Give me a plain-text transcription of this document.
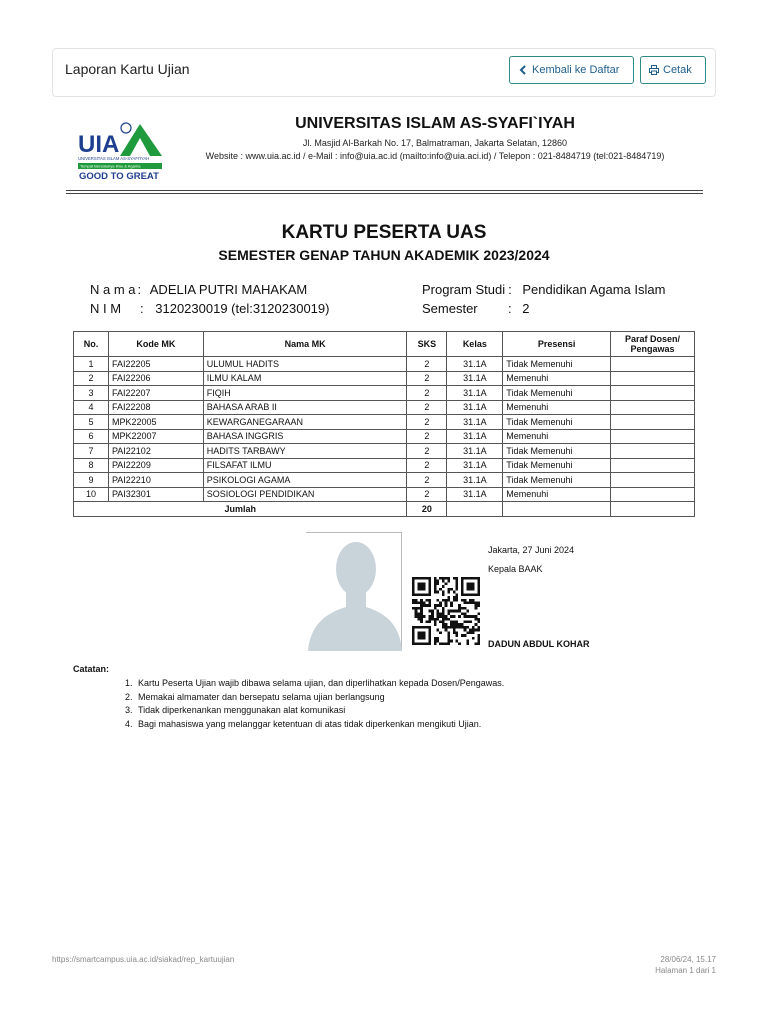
Laporan Kartu Ujian	Kembali ke Daftar	Cetak
UIA
UNIVERSITAS ISLAM AS-SYAFI'IYAH
Tempat Bersatunya Ilmu & Agama
GOOD TO GREAT
UNIVERSITAS ISLAM AS-SYAFI`IYAH
Jl. Masjid Al-Barkah No. 17, Balmatraman, Jakarta Selatan, 12860
Website : www.uia.ac.id / e-Mail : info@uia.ac.id (mailto:info@uia.aci.id) / Telepon : 021-8484719 (tel:021-8484719)
KARTU PESERTA UAS
SEMESTER GENAP TAHUN AKADEMIK 2023/2024
N a m a : ADELIA PUTRI MAHAKAM
N I M : 3120230019 (tel:3120230019)
Program Studi : Pendidikan Agama Islam
Semester : 2
No.	Kode MK	Nama MK	SKS	Kelas	Presensi	Paraf Dosen/ Pengawas
1	FAI22205	ULUMUL HADITS	2	31.1A	Tidak Memenuhi	
2	FAI22206	ILMU KALAM	2	31.1A	Memenuhi	
3	FAI22207	FIQIH	2	31.1A	Tidak Memenuhi	
4	FAI22208	BAHASA ARAB II	2	31.1A	Memenuhi	
5	MPK22005	KEWARGANEGARAAN	2	31.1A	Tidak Memenuhi	
6	MPK22007	BAHASA INGGRIS	2	31.1A	Memenuhi	
7	PAI22102	HADITS TARBAWY	2	31.1A	Tidak Memenuhi	
8	PAI22209	FILSAFAT ILMU	2	31.1A	Tidak Memenuhi	
9	PAI22210	PSIKOLOGI AGAMA	2	31.1A	Tidak Memenuhi	
10	PAI32301	SOSIOLOGI PENDIDIKAN	2	31.1A	Memenuhi	
Jumlah			20			
Jakarta, 27 Juni 2024
Kepala BAAK
DADUN ABDUL KOHAR
Catatan:
1. Kartu Peserta Ujian wajib dibawa selama ujian, dan diperlihatkan kepada Dosen/Pengawas.
2. Memakai almamater dan bersepatu selama ujian berlangsung
3. Tidak diperkenankan menggunakan alat komunikasi
4. Bagi mahasiswa yang melanggar ketentuan di atas tidak diperkenkan mengikuti Ujian.
https://smartcampus.uia.ac.id/siakad/rep_kartuujian	28/06/24, 15.17
Halaman 1 dari 1
